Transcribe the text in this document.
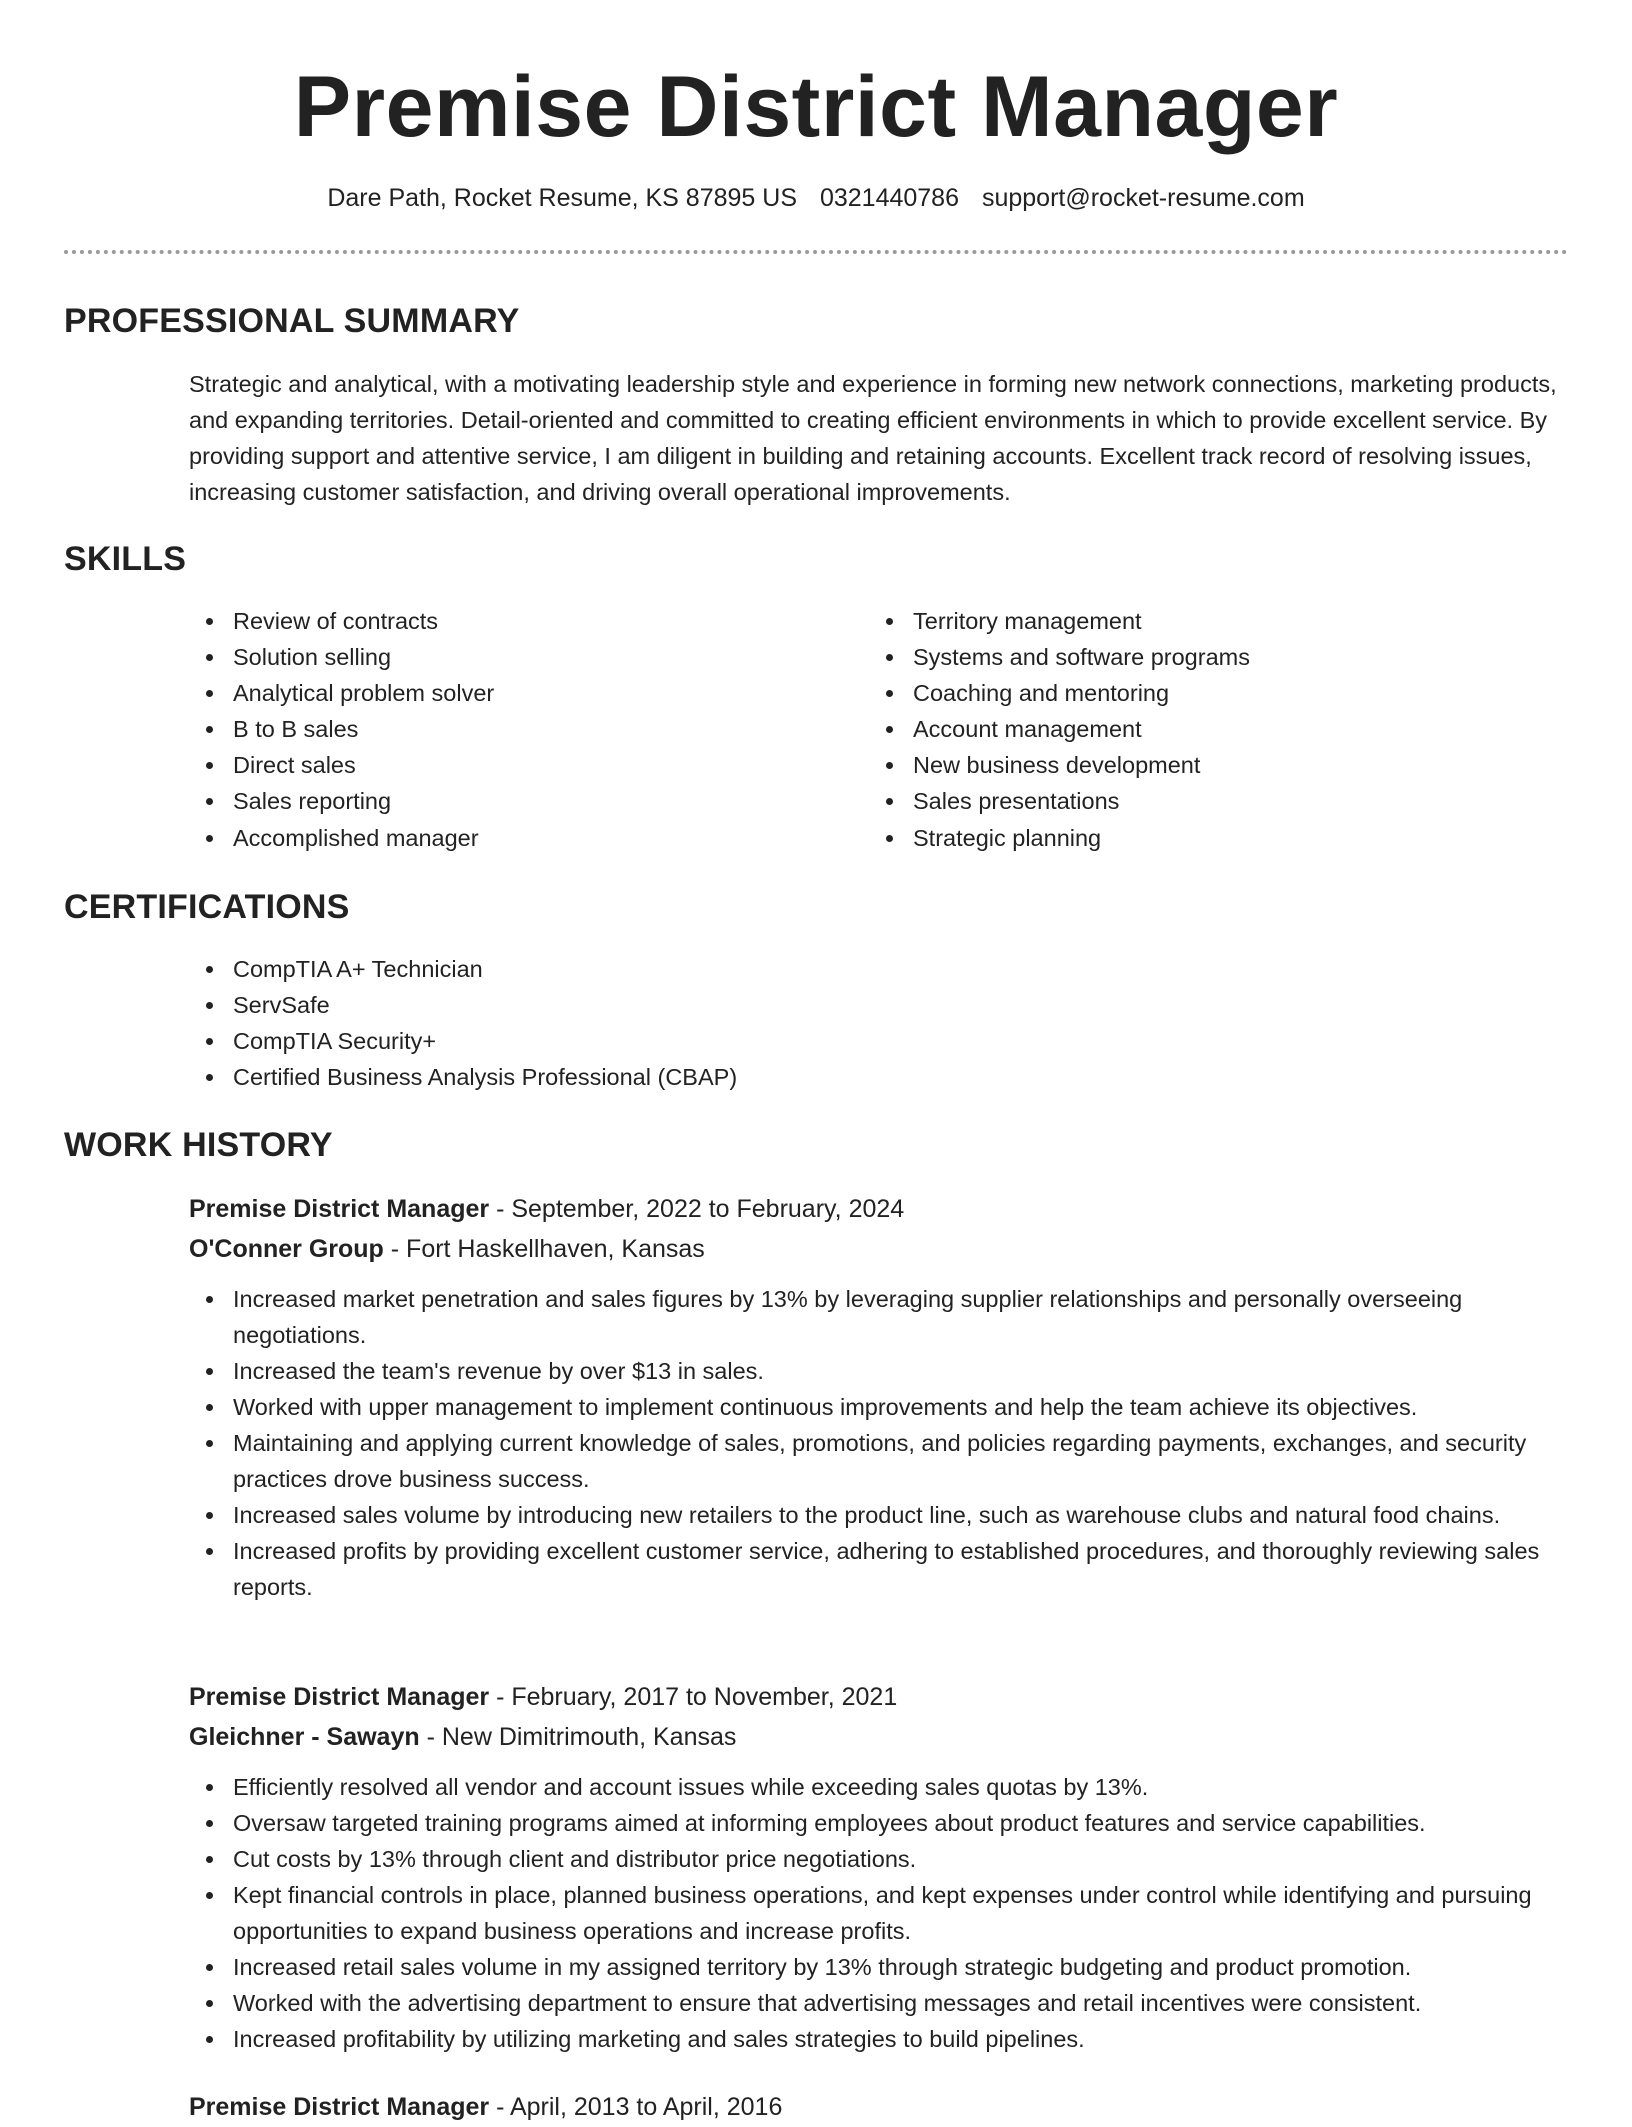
Premise District Manager
Dare Path, Rocket Resume, KS 87895 US 0321440786 support@rocket-resume.com
PROFESSIONAL SUMMARY

Strategic and analytical, with a motivating leadership style and experience in forming new network connections, marketing products, and expanding territories. Detail-oriented and committed to creating efficient environments in which to provide excellent service. By providing support and attentive service, I am diligent in building and retaining accounts. Excellent track record of resolving issues, increasing customer satisfaction, and driving overall operational improvements.

SKILLS
Review of contracts
Solution selling
Analytical problem solver
B to B sales
Direct sales
Sales reporting
Accomplished manager
Territory management
Systems and software programs
Coaching and mentoring
Account management
New business development
Sales presentations
Strategic planning
CERTIFICATIONS
CompTIA A+ Technician
ServSafe
CompTIA Security+
Certified Business Analysis Professional (CBAP)
WORK HISTORY
Premise District Manager - September, 2022 to February, 2024
O'Conner Group - Fort Haskellhaven, Kansas
Increased market penetration and sales figures by 13% by leveraging supplier relationships and personally overseeing negotiations.
Increased the team's revenue by over $13 in sales.
Worked with upper management to implement continuous improvements and help the team achieve its objectives.
Maintaining and applying current knowledge of sales, promotions, and policies regarding payments, exchanges, and security practices drove business success.
Increased sales volume by introducing new retailers to the product line, such as warehouse clubs and natural food chains.
Increased profits by providing excellent customer service, adhering to established procedures, and thoroughly reviewing sales reports.
Premise District Manager - February, 2017 to November, 2021
Gleichner - Sawayn - New Dimitrimouth, Kansas
Efficiently resolved all vendor and account issues while exceeding sales quotas by 13%.
Oversaw targeted training programs aimed at informing employees about product features and service capabilities.
Cut costs by 13% through client and distributor price negotiations.
Kept financial controls in place, planned business operations, and kept expenses under control while identifying and pursuing opportunities to expand business operations and increase profits.
Increased retail sales volume in my assigned territory by 13% through strategic budgeting and product promotion.
Worked with the advertising department to ensure that advertising messages and retail incentives were consistent.
Increased profitability by utilizing marketing and sales strategies to build pipelines.
Premise District Manager - April, 2013 to April, 2016
